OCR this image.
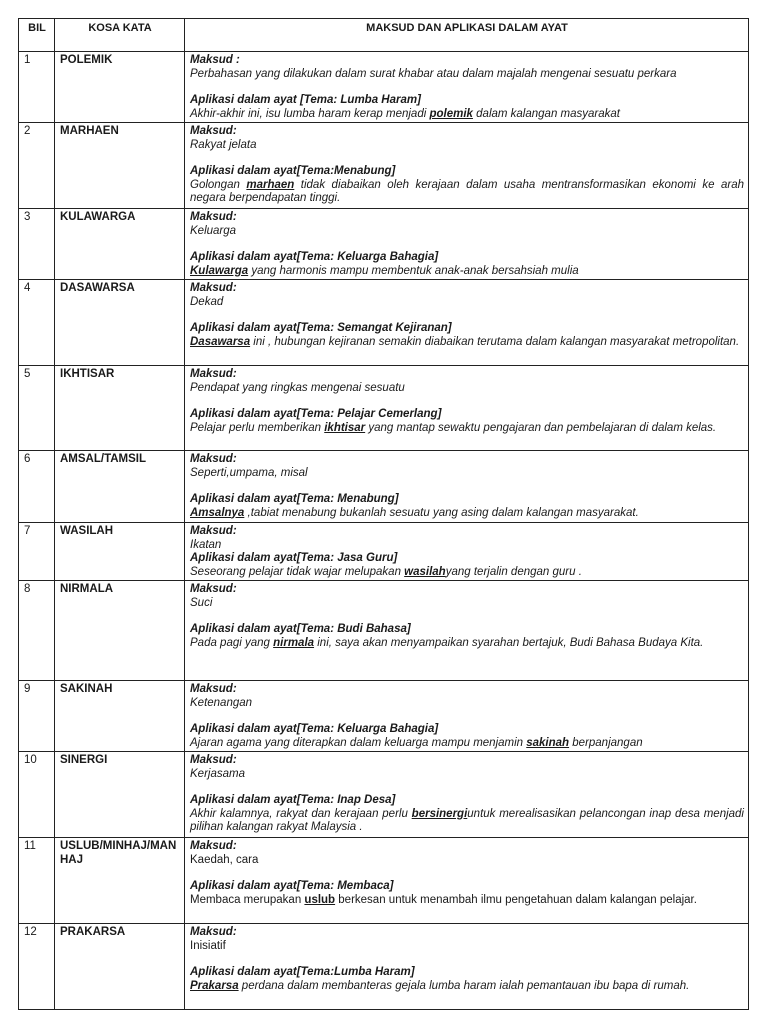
BIL	KOSA KATA	MAKSUD DAN APLIKASI DALAM AYAT
1	POLEMIK	Maksud :
Perbahasan yang dilakukan dalam surat khabar atau dalam majalah mengenai sesuatu perkara
Aplikasi dalam ayat [Tema: Lumba Haram]
Akhir-akhir ini, isu lumba haram kerap menjadi polemik dalam kalangan masyarakat

2	MARHAEN	Maksud:
Rakyat jelata
Aplikasi dalam ayat[Tema:Menabung]
Golongan marhaen tidak diabaikan oleh kerajaan dalam usaha mentransformasikan ekonomi ke arah negara berpendapatan tinggi.

3	KULAWARGA	Maksud:
Keluarga
Aplikasi dalam ayat[Tema: Keluarga Bahagia]
Kulawarga yang harmonis mampu membentuk anak-anak bersahsiah mulia

4	DASAWARSA	Maksud:
Dekad
Aplikasi dalam ayat[Tema: Semangat Kejiranan]
Dasawarsa ini , hubungan kejiranan semakin diabaikan terutama dalam kalangan masyarakat metropolitan.

5	IKHTISAR	Maksud:
Pendapat yang ringkas mengenai sesuatu
Aplikasi dalam ayat[Tema: Pelajar Cemerlang]
Pelajar perlu memberikan ikhtisar yang mantap sewaktu pengajaran dan pembelajaran di dalam kelas.

6	AMSAL/TAMSIL	Maksud:
Seperti,umpama, misal
Aplikasi dalam ayat[Tema: Menabung]
Amsalnya ,tabiat menabung bukanlah sesuatu yang asing dalam kalangan masyarakat.

7	WASILAH	Maksud:
Ikatan
Aplikasi dalam ayat[Tema: Jasa Guru]
Seseorang pelajar tidak wajar melupakan wasilahyang terjalin dengan guru .

8	NIRMALA	Maksud:
Suci
Aplikasi dalam ayat[Tema: Budi Bahasa]
Pada pagi yang nirmala ini, saya akan menyampaikan syarahan bertajuk, Budi Bahasa Budaya Kita.

9	SAKINAH	Maksud:
Ketenangan
Aplikasi dalam ayat[Tema: Keluarga Bahagia]
Ajaran agama yang diterapkan dalam keluarga mampu menjamin sakinah berpanjangan

10	SINERGI	Maksud:
Kerjasama
Aplikasi dalam ayat[Tema: Inap Desa]
Akhir kalamnya, rakyat dan kerajaan perlu bersinergiuntuk merealisasikan pelancongan inap desa menjadi pilihan kalangan rakyat Malaysia .

11	USLUB/MINHAJ/MANHAJ	Maksud:
Kaedah, cara
Aplikasi dalam ayat[Tema: Membaca]
Membaca merupakan uslub berkesan untuk menambah ilmu pengetahuan dalam kalangan pelajar.

12	PRAKARSA	Maksud:
Inisiatif
Aplikasi dalam ayat[Tema:Lumba Haram]
Prakarsa perdana dalam membanteras gejala lumba haram ialah pemantauan ibu bapa di rumah.
